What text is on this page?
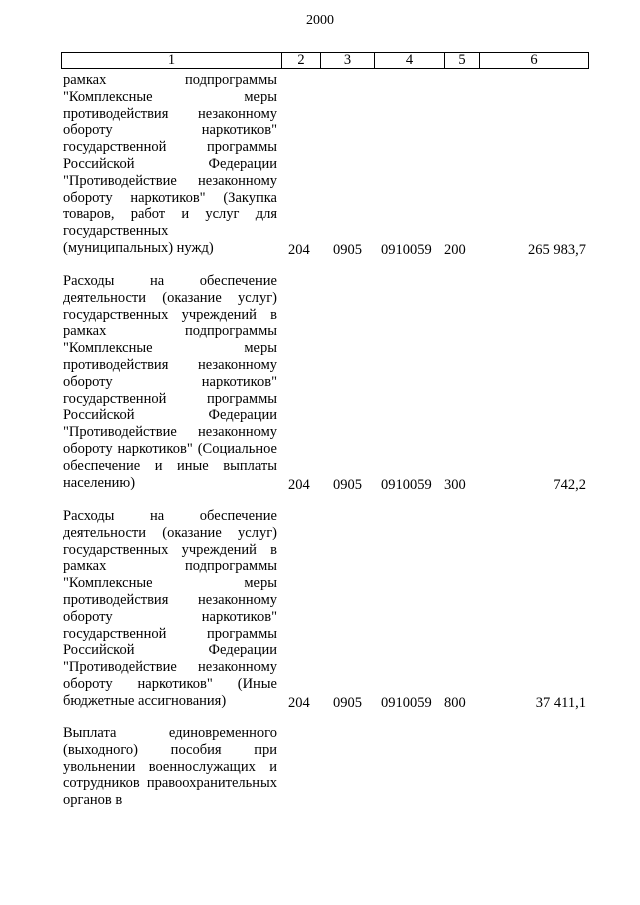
2000
1	2	3	4	5	6

рамках подпрограммы "Комплексные меры противодействия незаконному обороту наркотиков" государственной программы Российской Федерации "Противодействие незаконному обороту наркотиков" (Закупка товаров, работ и услуг для государственных (муниципальных) нужд)	204 0905 0910059 200	265 983,7

Расходы на обеспечение деятельности (оказание услуг) государственных учреждений в рамках подпрограммы "Комплексные меры противодействия незаконному обороту наркотиков" государственной программы Российской Федерации "Противодействие незаконному обороту наркотиков" (Социальное обеспечение и иные выплаты населению)	204 0905 0910059 300	742,2

Расходы на обеспечение деятельности (оказание услуг) государственных учреждений в рамках подпрограммы "Комплексные меры противодействия незаконному обороту наркотиков" государственной программы Российской Федерации "Противодействие незаконному обороту наркотиков" (Иные бюджетные ассигнования)	204 0905 0910059 800	37 411,1

Выплата единовременного (выходного) пособия при увольнении военнослужащих и сотрудников правоохранительных органов в
